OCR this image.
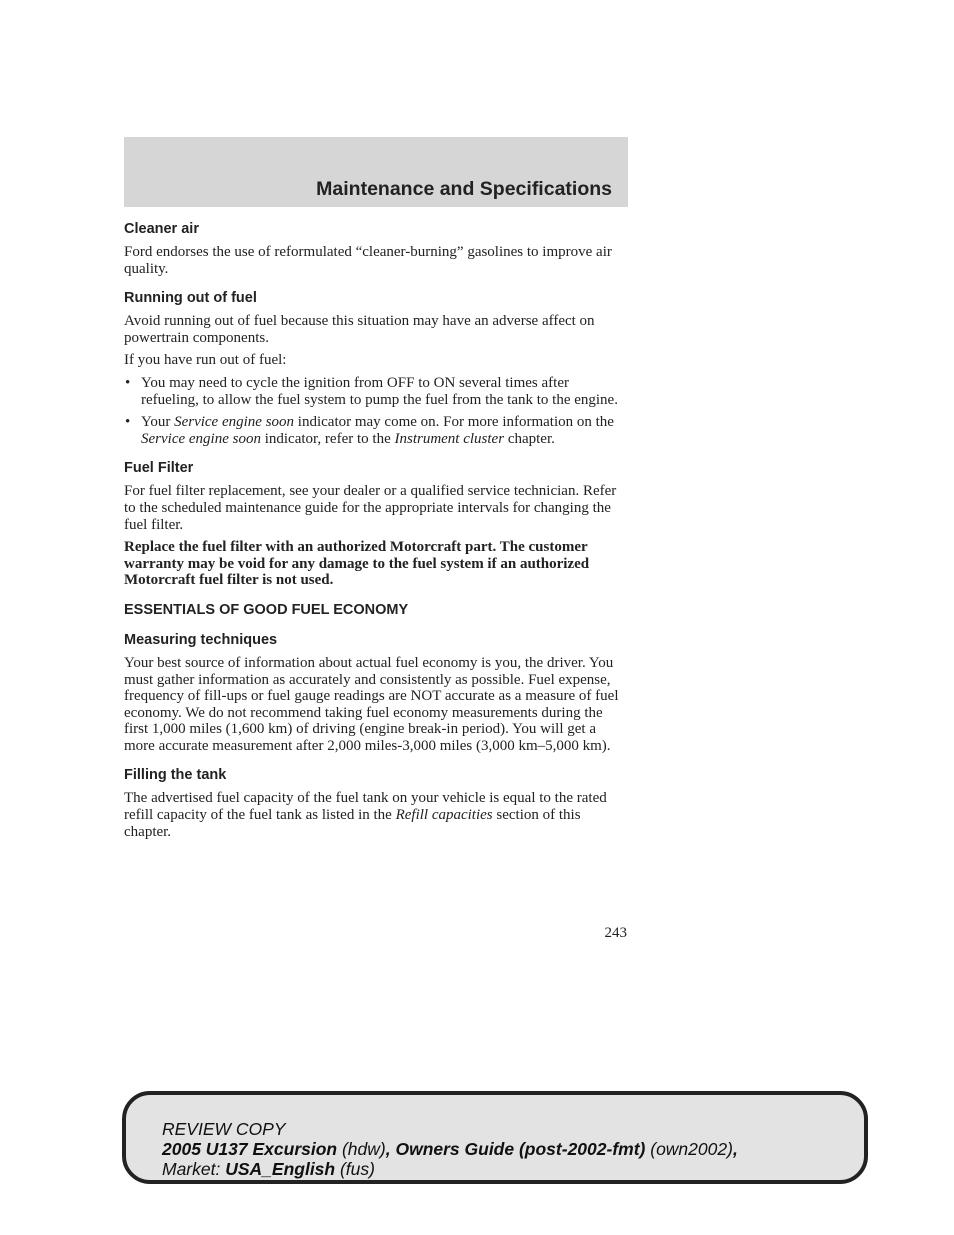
Maintenance and Specifications
Cleaner air

Ford endorses the use of reformulated “cleaner-burning” gasolines to improve air quality.

Running out of fuel

Avoid running out of fuel because this situation may have an adverse affect on powertrain components.

If you have run out of fuel:

• You may need to cycle the ignition from OFF to ON several times after refueling, to allow the fuel system to pump the fuel from the tank to the engine.
• Your Service engine soon indicator may come on. For more information on the Service engine soon indicator, refer to the Instrument cluster chapter.
Fuel Filter

For fuel filter replacement, see your dealer or a qualified service technician. Refer to the scheduled maintenance guide for the appropriate intervals for changing the fuel filter.

Replace the fuel filter with an authorized Motorcraft part. The customer warranty may be void for any damage to the fuel system if an authorized Motorcraft fuel filter is not used.

ESSENTIALS OF GOOD FUEL ECONOMY
Measuring techniques

Your best source of information about actual fuel economy is you, the driver. You must gather information as accurately and consistently as possible. Fuel expense, frequency of fill-ups or fuel gauge readings are NOT accurate as a measure of fuel economy. We do not recommend taking fuel economy measurements during the first 1,000 miles (1,600 km) of driving (engine break-in period). You will get a more accurate measurement after 2,000 miles-3,000 miles (3,000 km–5,000 km).

Filling the tank

The advertised fuel capacity of the fuel tank on your vehicle is equal to the rated refill capacity of the fuel tank as listed in the Refill capacities section of this chapter.

243
REVIEW COPY
2005 U137 Excursion (hdw), Owners Guide (post-2002-fmt) (own2002),
Market: USA_English (fus)
